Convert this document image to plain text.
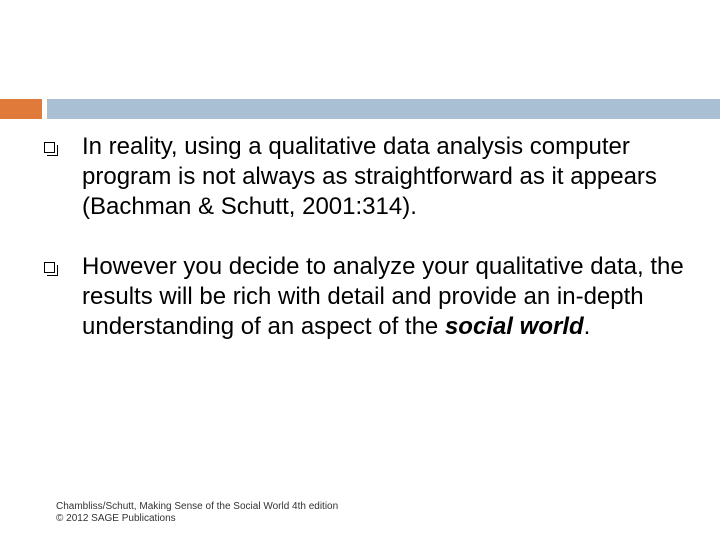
In reality, using a qualitative data analysis computer program is not always as straightforward as it appears (Bachman & Schutt, 2001:314).
However you decide to analyze your qualitative data, the results will be rich with detail and provide an in-depth understanding of an aspect of the social world.
Chambliss/Schutt, Making Sense of the Social World 4th edition
© 2012 SAGE Publications
